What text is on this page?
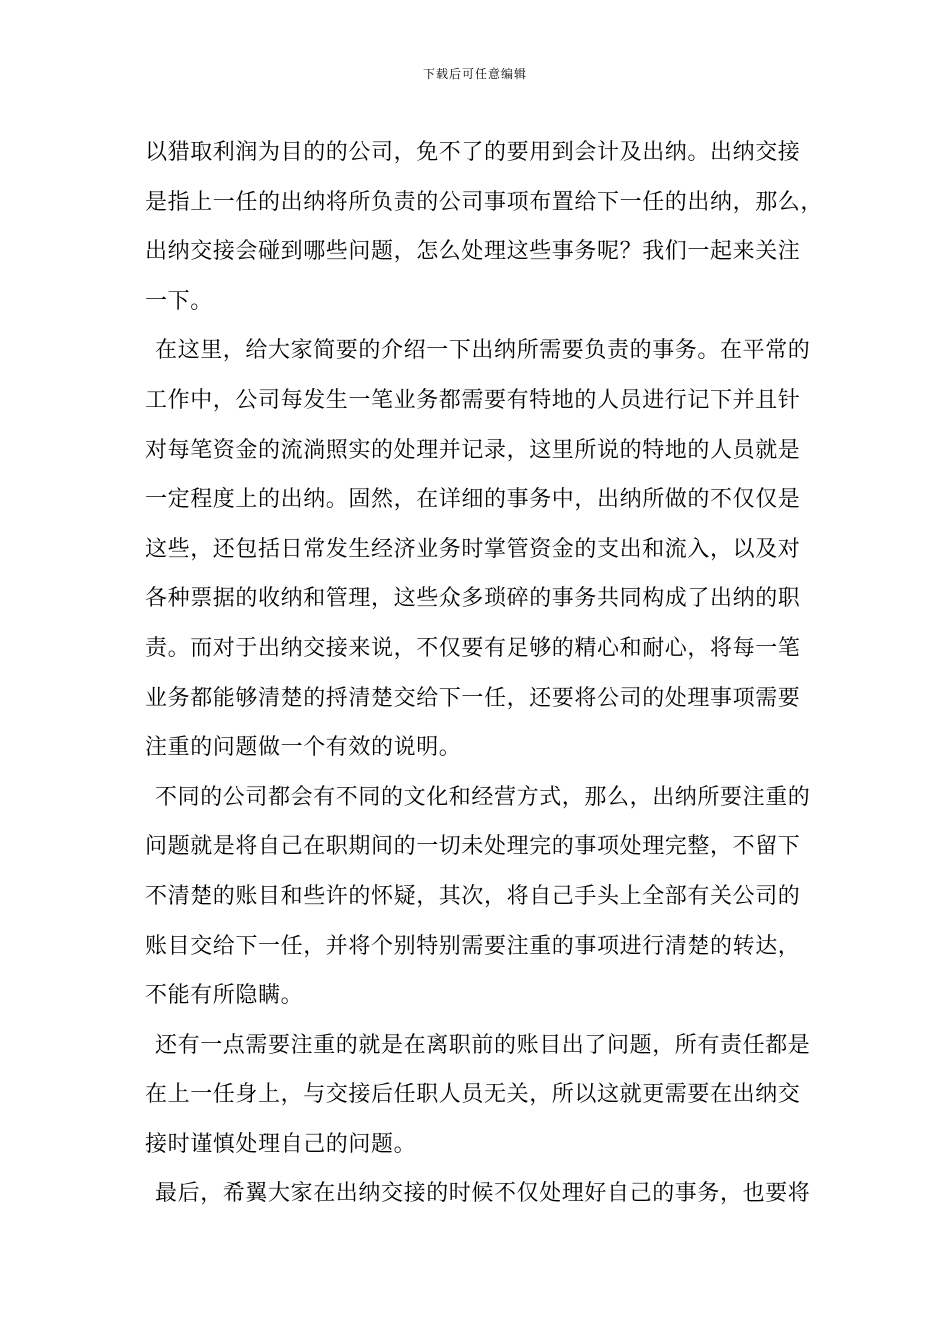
下载后可任意编辑
以猎取利润为目的的公司，免不了的要用到会计及出纳。出纳交接
是指上一任的出纳将所负责的公司事项布置给下一任的出纳，那么，
出纳交接会碰到哪些问题，怎么处理这些事务呢？我们一起来关注
一下。
在这里，给大家简要的介绍一下出纳所需要负责的事务。在平常的
工作中，公司每发生一笔业务都需要有特地的人员进行记下并且针
对每笔资金的流淌照实的处理并记录，这里所说的特地的人员就是
一定程度上的出纳。固然，在详细的事务中，出纳所做的不仅仅是
这些，还包括日常发生经济业务时掌管资金的支出和流入，以及对
各种票据的收纳和管理，这些众多琐碎的事务共同构成了出纳的职
责。而对于出纳交接来说，不仅要有足够的精心和耐心，将每一笔
业务都能够清楚的捋清楚交给下一任，还要将公司的处理事项需要
注重的问题做一个有效的说明。
不同的公司都会有不同的文化和经营方式，那么，出纳所要注重的
问题就是将自己在职期间的一切未处理完的事项处理完整，不留下
不清楚的账目和些许的怀疑，其次，将自己手头上全部有关公司的
账目交给下一任，并将个别特别需要注重的事项进行清楚的转达，
不能有所隐瞒。
还有一点需要注重的就是在离职前的账目出了问题，所有责任都是
在上一任身上，与交接后任职人员无关，所以这就更需要在出纳交
接时谨慎处理自己的问题。
最后，希翼大家在出纳交接的时候不仅处理好自己的事务，也要将
